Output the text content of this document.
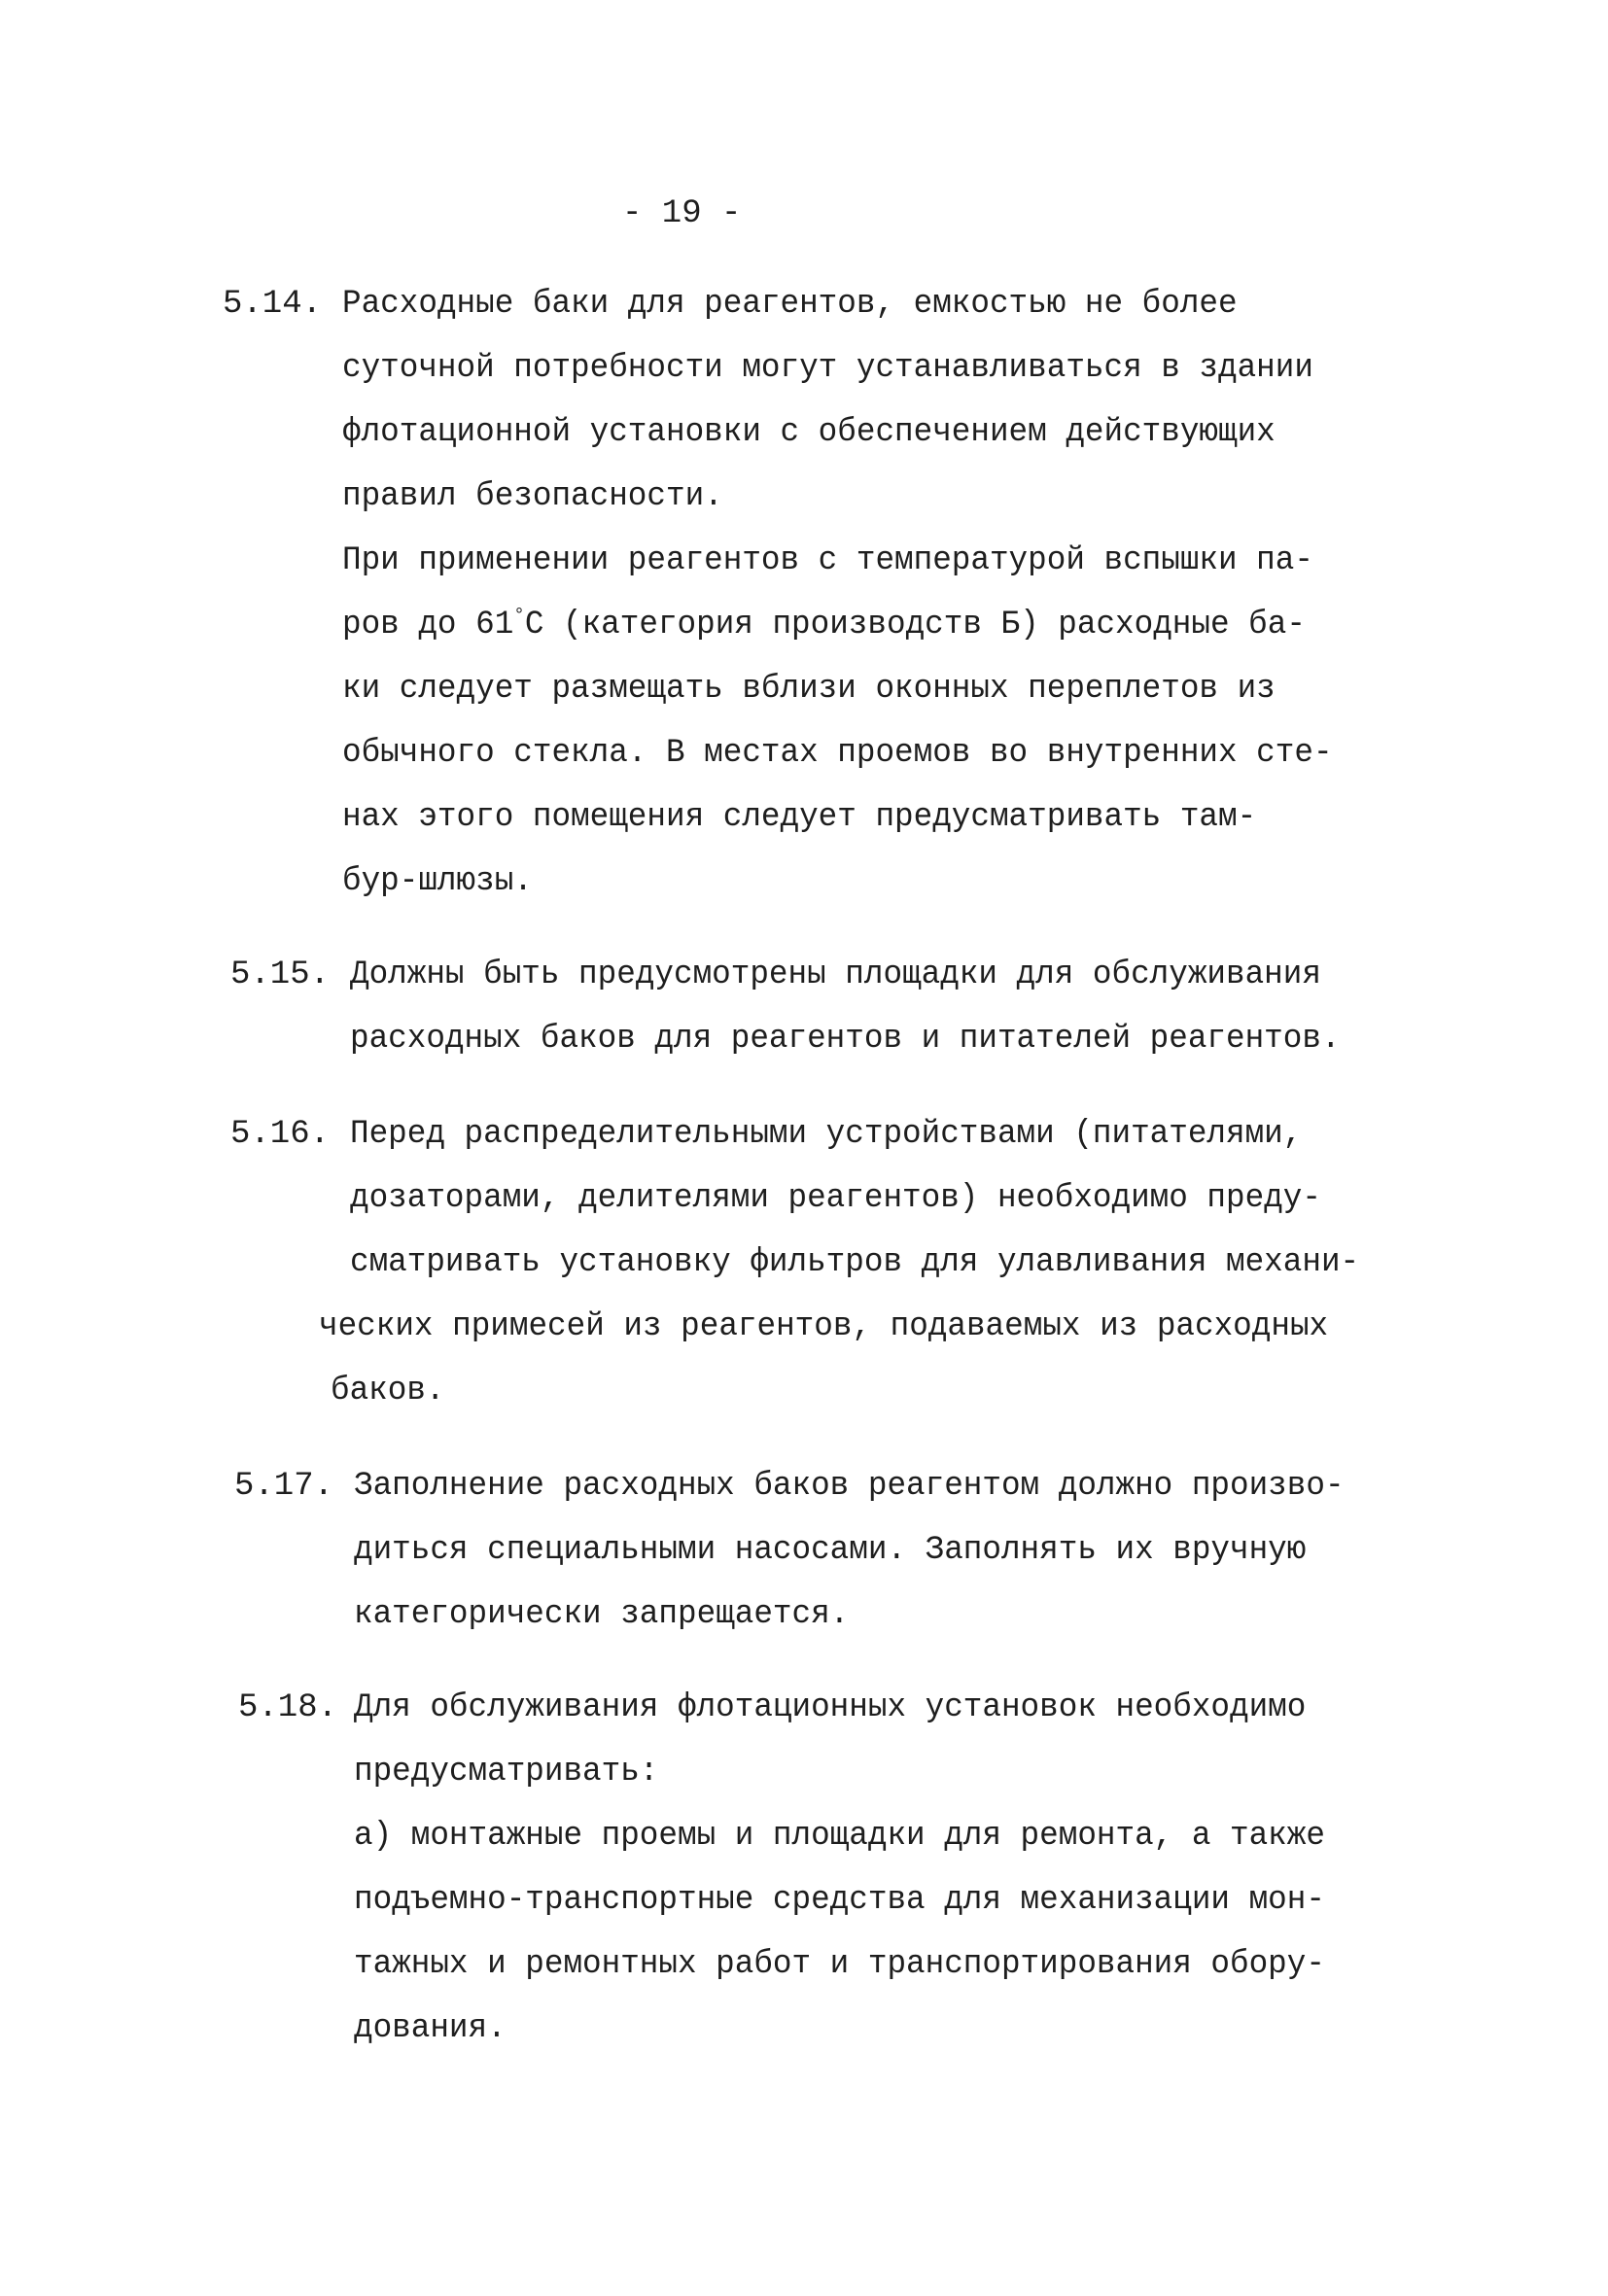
- 19 -
5.14. Расходные баки для реагентов, емкостью не более
суточной потребности могут устанавливаться в здании
флотационной установки с обеспечением действующих
правил безопасности.
При применении реагентов с температурой вспышки па-
ров до 61°С (категория производств Б) расходные ба-
ки следует размещать вблизи оконных переплетов из
обычного стекла. В местах проемов во внутренних сте-
нах этого помещения следует предусматривать там-
бур-шлюзы.
5.15. Должны быть предусмотрены площадки для обслуживания
расходных баков для реагентов и питателей реагентов.
5.16. Перед распределительными устройствами (питателями,
дозаторами, делителями реагентов) необходимо преду-
сматривать установку фильтров для улавливания механи-
ческих примесей из реагентов, подаваемых из расходных
баков.
5.17. Заполнение расходных баков реагентом должно произво-
диться специальными насосами. Заполнять их вручную
категорически запрещается.
5.18. Для обслуживания флотационных установок необходимо
предусматривать:
а) монтажные проемы и площадки для ремонта, а также
подъемно-транспортные средства для механизации мон-
тажных и ремонтных работ и транспортирования обору-
дования.
